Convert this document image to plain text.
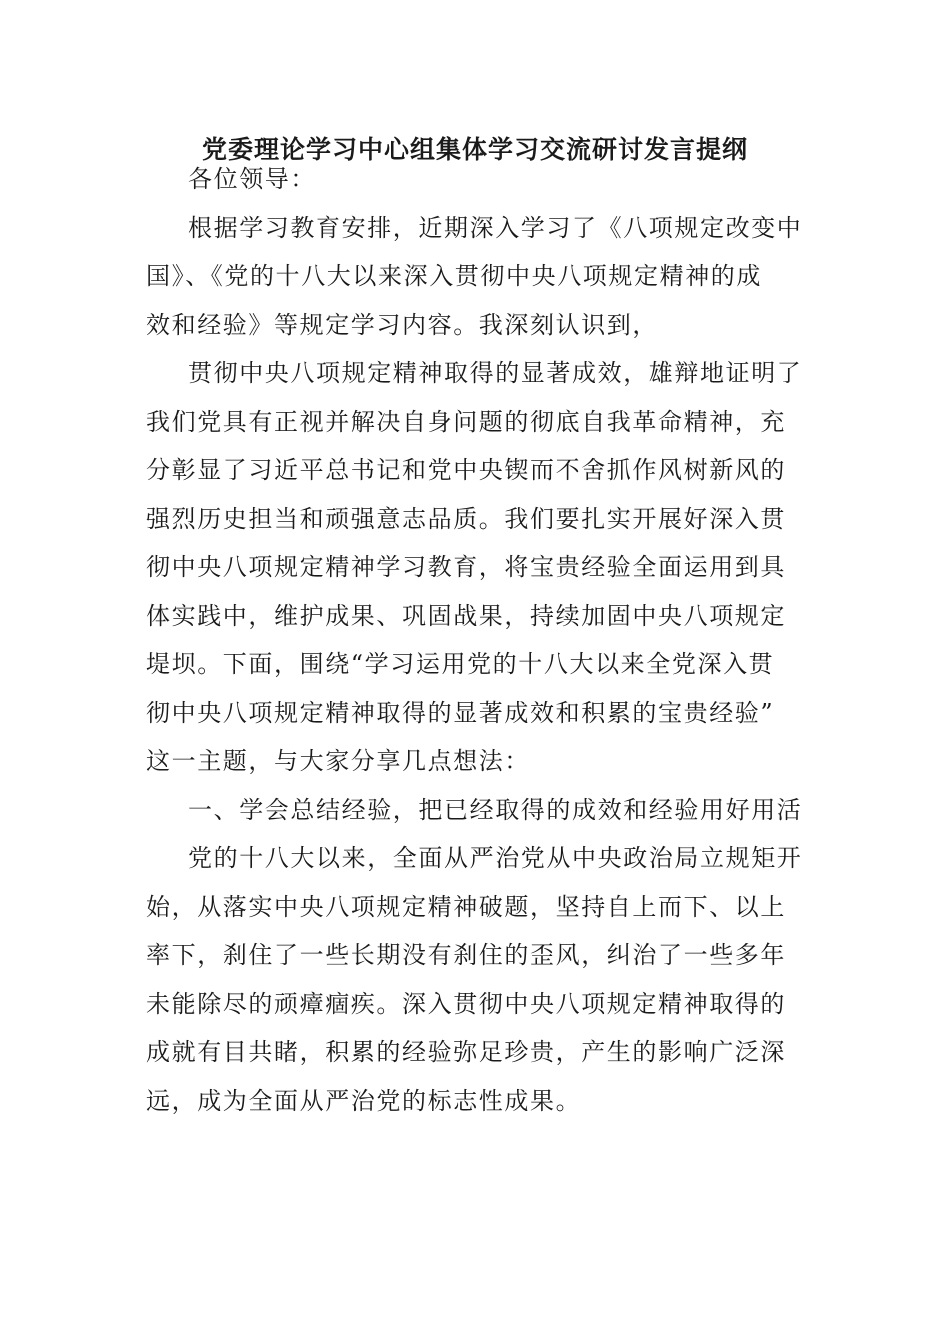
党委理论学习中心组集体学习交流研讨发言提纲

各位领导：

根据学习教育安排，近期深入学习了《八项规定改变中
国》、《党的十八大以来深入贯彻中央八项规定精神的成
效和经验》等规定学习内容。我深刻认识到，

贯彻中央八项规定精神取得的显著成效，雄辩地证明了
我们党具有正视并解决自身问题的彻底自我革命精神，充
分彰显了习近平总书记和党中央锲而不舍抓作风树新风的
强烈历史担当和顽强意志品质。我们要扎实开展好深入贯
彻中央八项规定精神学习教育，将宝贵经验全面运用到具
体实践中，维护成果、巩固战果，持续加固中央八项规定
堤坝。下面，围绕“学习运用党的十八大以来全党深入贯
彻中央八项规定精神取得的显著成效和积累的宝贵经验”
这一主题，与大家分享几点想法：

一、学会总结经验，把已经取得的成效和经验用好用活

党的十八大以来，全面从严治党从中央政治局立规矩开
始，从落实中央八项规定精神破题，坚持自上而下、以上
率下，刹住了一些长期没有刹住的歪风，纠治了一些多年
未能除尽的顽瘴痼疾。深入贯彻中央八项规定精神取得的
成就有目共睹，积累的经验弥足珍贵，产生的影响广泛深
远，成为全面从严治党的标志性成果。
